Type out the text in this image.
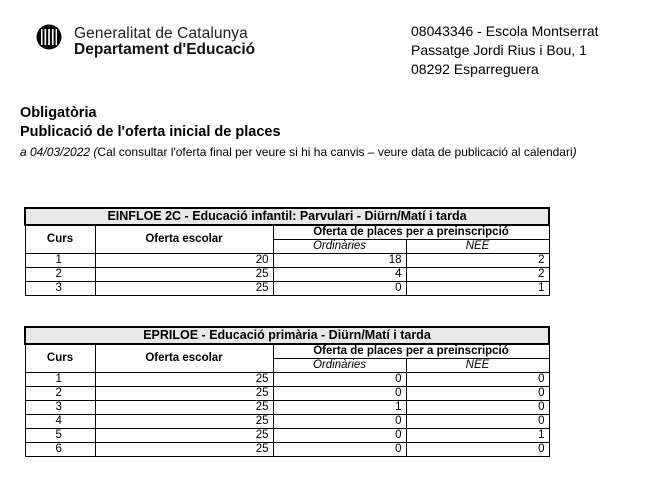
Generalitat de Catalunya
Departament d'Educació
08043346 - Escola Montserrat
Passatge Jordi Rius i Bou, 1
08292 Esparreguera
Obligatòria
Publicació de l'oferta inicial de places
a 04/03/2022 (Cal consultar l'oferta final per veure si hi ha canvis – veure data de publicació al calendari)
EINFLOE 2C - Educació infantil: Parvulari - Diürn/Matí i tarda			
Curs	Oferta escolar	Oferta de places per a preinscripció	
		Ordinàries	NEE
1	20	18	2
2	25	4	2
3	25	0	1
EPRILOE - Educació primària - Diürn/Matí i tarda			
Curs	Oferta escolar	Oferta de places per a preinscripció	
		Ordinàries	NEE
1	25	0	0
2	25	0	0
3	25	1	0
4	25	0	0
5	25	0	1
6	25	0	0
